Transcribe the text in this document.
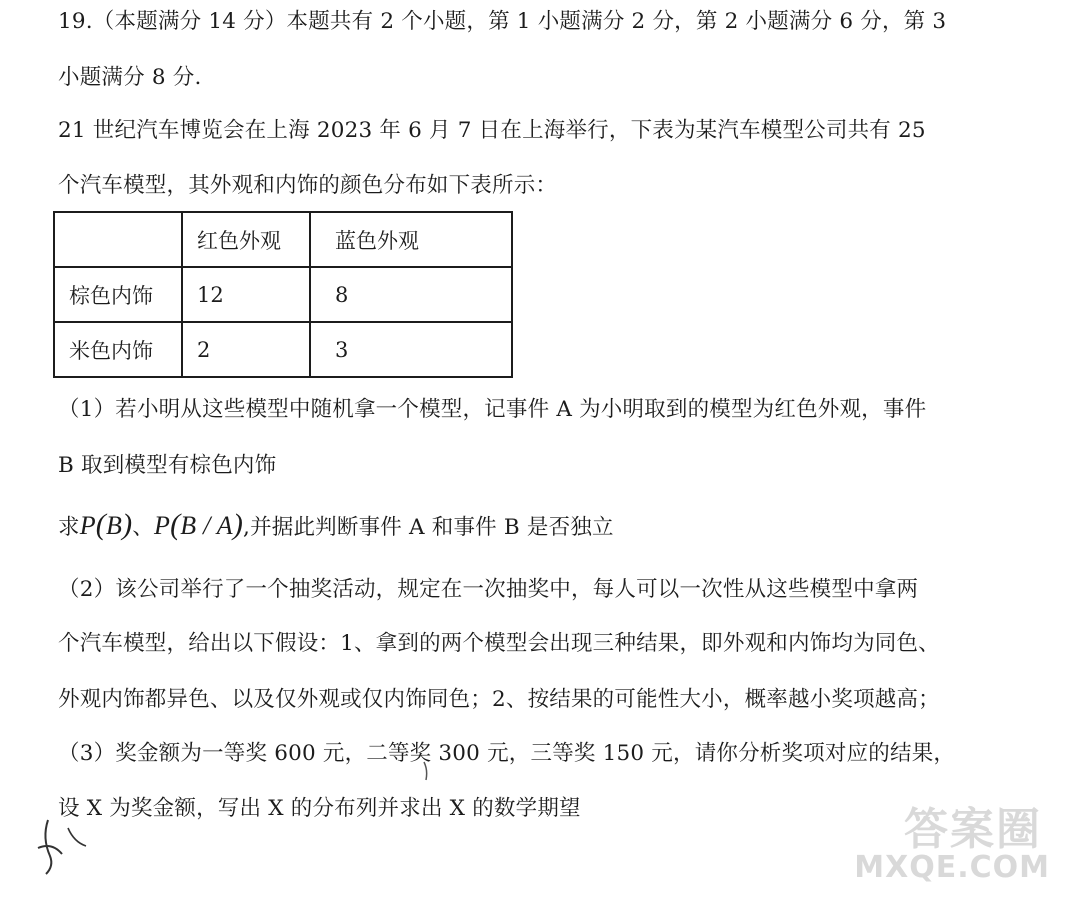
19.（本题满分 14 分）本题共有 2 个小题，第 1 小题满分 2 分，第 2 小题满分 6 分，第 3
小题满分 8 分.
21 世纪汽车博览会在上海 2023 年 6 月 7 日在上海举行，下表为某汽车模型公司共有 25
个汽车模型，其外观和内饰的颜色分布如下表所示：
	红色外观	蓝色外观
棕色内饰	12	8
米色内饰	2	3
（1）若小明从这些模型中随机拿一个模型，记事件 A 为小明取到的模型为红色外观，事件
B 取到模型有棕色内饰
求P(B)、P(B / A),并据此判断事件 A 和事件 B 是否独立
（2）该公司举行了一个抽奖活动，规定在一次抽奖中，每人可以一次性从这些模型中拿两
个汽车模型，给出以下假设：1、拿到的两个模型会出现三种结果，即外观和内饰均为同色、
外观内饰都异色、以及仅外观或仅内饰同色；2、按结果的可能性大小，概率越小奖项越高；
（3）奖金额为一等奖 600 元，二等奖 300 元，三等奖 150 元，请你分析奖项对应的结果，
设 X 为奖金额，写出 X 的分布列并求出 X 的数学期望	答案圈
MXQE.COM
